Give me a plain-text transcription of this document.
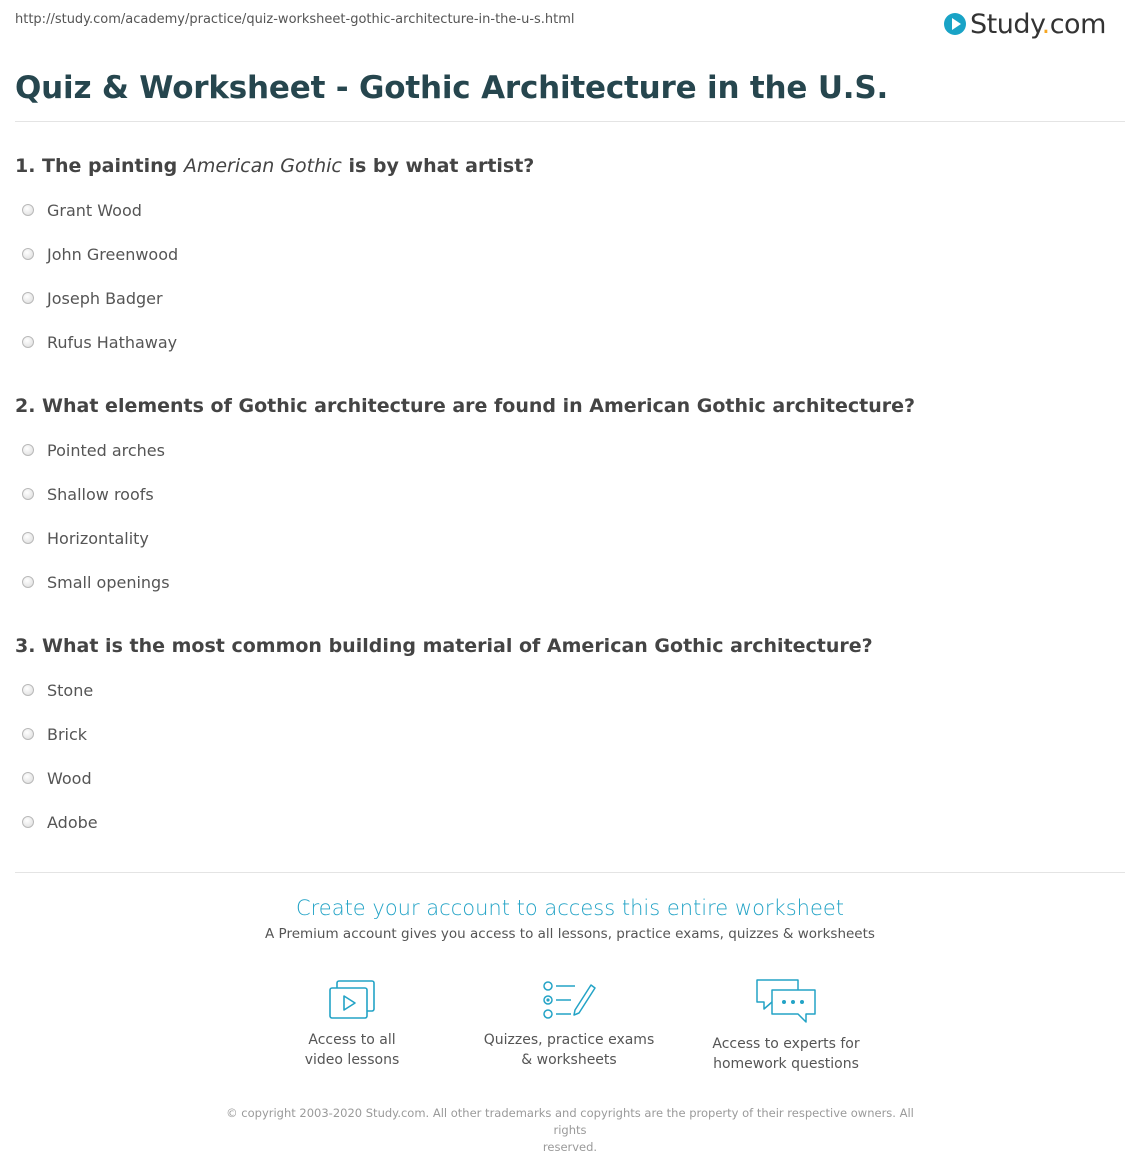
http://study.com/academy/practice/quiz-worksheet-gothic-architecture-in-the-u-s.html	Study.com
Quiz & Worksheet - Gothic Architecture in the U.S.
1. The painting American Gothic is by what artist?
Grant Wood
John Greenwood
Joseph Badger
Rufus Hathaway
2. What elements of Gothic architecture are found in American Gothic architecture?
Pointed arches
Shallow roofs
Horizontality
Small openings
3. What is the most common building material of American Gothic architecture?
Stone
Brick
Wood
Adobe
Create your account to access this entire worksheet
A Premium account gives you access to all lessons, practice exams, quizzes & worksheets
Access to all
video lessons
Quizzes, practice exams
& worksheets
Access to experts for
homework questions
© copyright 2003-2020 Study.com. All other trademarks and copyrights are the property of their respective owners. All rights
reserved.
